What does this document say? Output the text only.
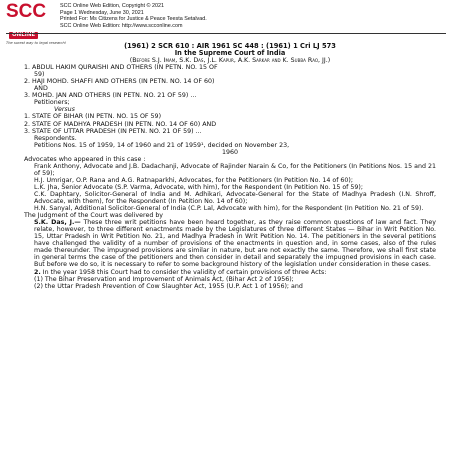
SCC
ONLINE
The surest way to legal research!
SCC Online Web Edition, Copyright © 2021
Page 1 Wednesday, June 30, 2021
Printed For: Ms Citizens for Justice & Peace Teesta Setalvad.
SCC Online Web Edition: http://www.scconline.com

(1961) 2 SCR 610 : AIR 1961 SC 448 : (1961) 1 Cri LJ 573

In the Supreme Court of India

(Before S.J. Imam, S.K. Das, J.L. Kapur, A.K. Sarkar and K. Subba Rao, JJ.)

1. ABDUL HAKIM QURAISHI AND OTHERS (IN PETN. NO. 15 OF

59)

2. HAJI MOHD. SHAFFI AND OTHERS (IN PETN. NO. 14 OF 60)

AND

3. MOHD. JAN AND OTHERS (IN PETN. NO. 21 OF 59) ...

Petitioners;

Versus

1. STATE OF BIHAR (IN PETN. NO. 15 OF 59)

2. STATE OF MADHYA PRADESH (IN PETN. NO. 14 OF 60) AND

3. STATE OF UTTAR PRADESH (IN PETN. NO. 21 OF 59) ...

Respondents.

Petitions Nos. 15 of 1959, 14 of 1960 and 21 of 1959¹, decided on November 23,

1960

Advocates who appeared in this case :

Frank Anthony, Advocate and J.B. Dadachanji, Advocate of Rajinder Narain & Co, for the Petitioners (In Petitions Nos. 15 and 21 of 59);

H.J. Umrigar, O.P. Rana and A.G. Ratnaparkhi, Advocates, for the Petitioners (In Petition No. 14 of 60);

L.K. Jha, Senior Advocate (S.P. Varma, Advocate, with him), for the Respondent (In Petition No. 15 of 59);

C.K. Daphtary, Solicitor-General of India and M. Adhikari, Advocate-General for the State of Madhya Pradesh (I.N. Shroff, Advocate, with them), for the Respondent (In Petition No. 14 of 60);

H.N. Sanyal, Additional Solicitor-General of India (C.P. Lal, Advocate with him), for the Respondent (In Petition No. 21 of 59).

The Judgment of the Court was delivered by

S.K. Das, J.— These three writ petitions have been heard together, as they raise common questions of law and fact. They relate, however, to three different enactments made by the Legislatures of three different States — Bihar in Writ Petition No. 15, Uttar Pradesh in Writ Petition No. 21, and Madhya Pradesh in Writ Petition No. 14. The petitioners in the several petitions have challenged the validity of a number of provisions of the enactments in question and, in some cases, also of the rules made thereunder. The impugned provisions are similar in nature, but are not exactly the same. Therefore, we shall first state in general terms the case of the petitioners and then consider in detail and separately the impugned provisions in each case. But before we do so, it is necessary to refer to some background history of the legislation under consideration in these cases.

2. In the year 1958 this Court had to consider the validity of certain provisions of three Acts:

(1) The Bihar Preservation and Improvement of Animals Act, (Bihar Act 2 of 1956);

(2) the Uttar Pradesh Prevention of Cow Slaughter Act, 1955 (U.P. Act 1 of 1956); and
